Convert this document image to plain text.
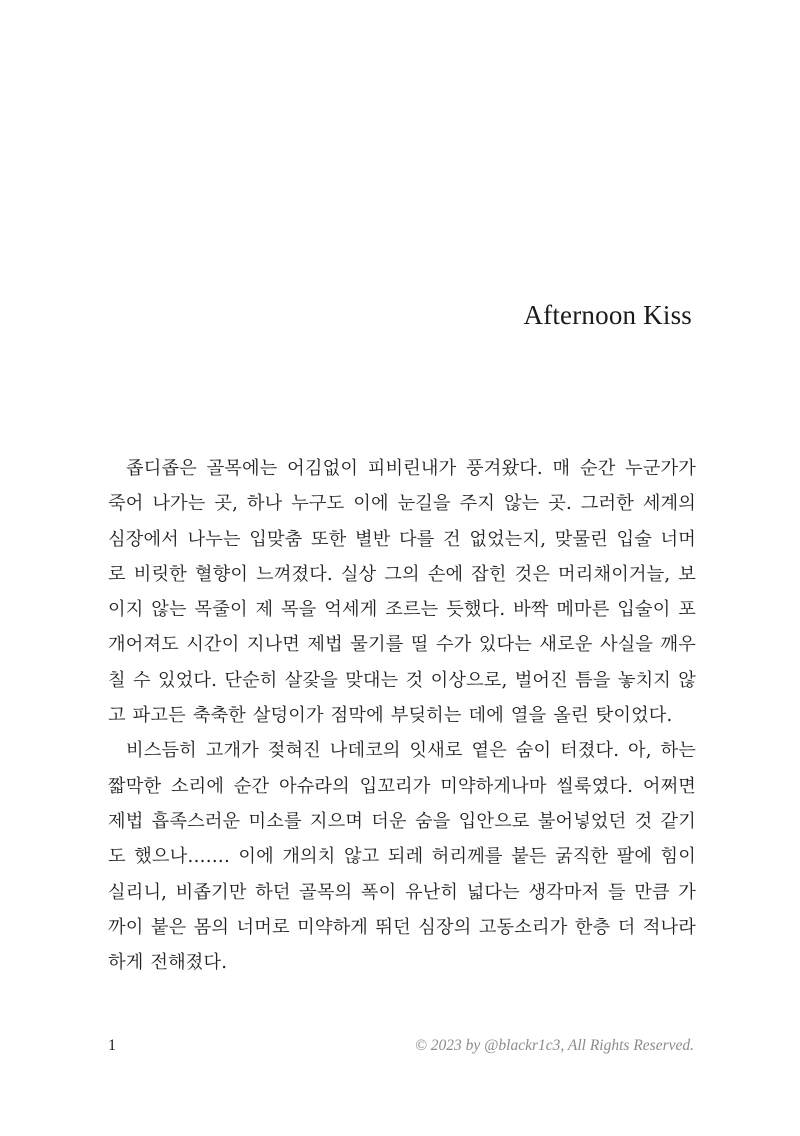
Afternoon Kiss

좁디좁은 골목에는 어김없이 피비린내가 풍겨왔다. 매 순간 누군가가 죽어 나가는 곳, 하나 누구도 이에 눈길을 주지 않는 곳. 그러한 세계의 심장에서 나누는 입맞춤 또한 별반 다를 건 없었는지, 맞물린 입술 너머로 비릿한 혈향이 느껴졌다. 실상 그의 손에 잡힌 것은 머리채이거늘, 보이지 않는 목줄이 제 목을 억세게 조르는 듯했다. 바짝 메마른 입술이 포개어져도 시간이 지나면 제법 물기를 띨 수가 있다는 새로운 사실을 깨우칠 수 있었다. 단순히 살갗을 맞대는 것 이상으로, 벌어진 틈을 놓치지 않고 파고든 축축한 살덩이가 점막에 부딪히는 데에 열을 올린 탓이었다.

비스듬히 고개가 젖혀진 나데코의 잇새로 옅은 숨이 터졌다. 아, 하는 짧막한 소리에 순간 아슈라의 입꼬리가 미약하게나마 씰룩였다. 어쩌면 제법 흡족스러운 미소를 지으며 더운 숨을 입안으로 불어넣었던 것 같기도 했으나……. 이에 개의치 않고 되레 허리께를 붙든 굵직한 팔에 힘이 실리니, 비좁기만 하던 골목의 폭이 유난히 넓다는 생각마저 들 만큼 가까이 붙은 몸의 너머로 미약하게 뛰던 심장의 고동소리가 한층 더 적나라하게 전해졌다.

1	© 2023 by @blackr1c3, All Rights Reserved.
